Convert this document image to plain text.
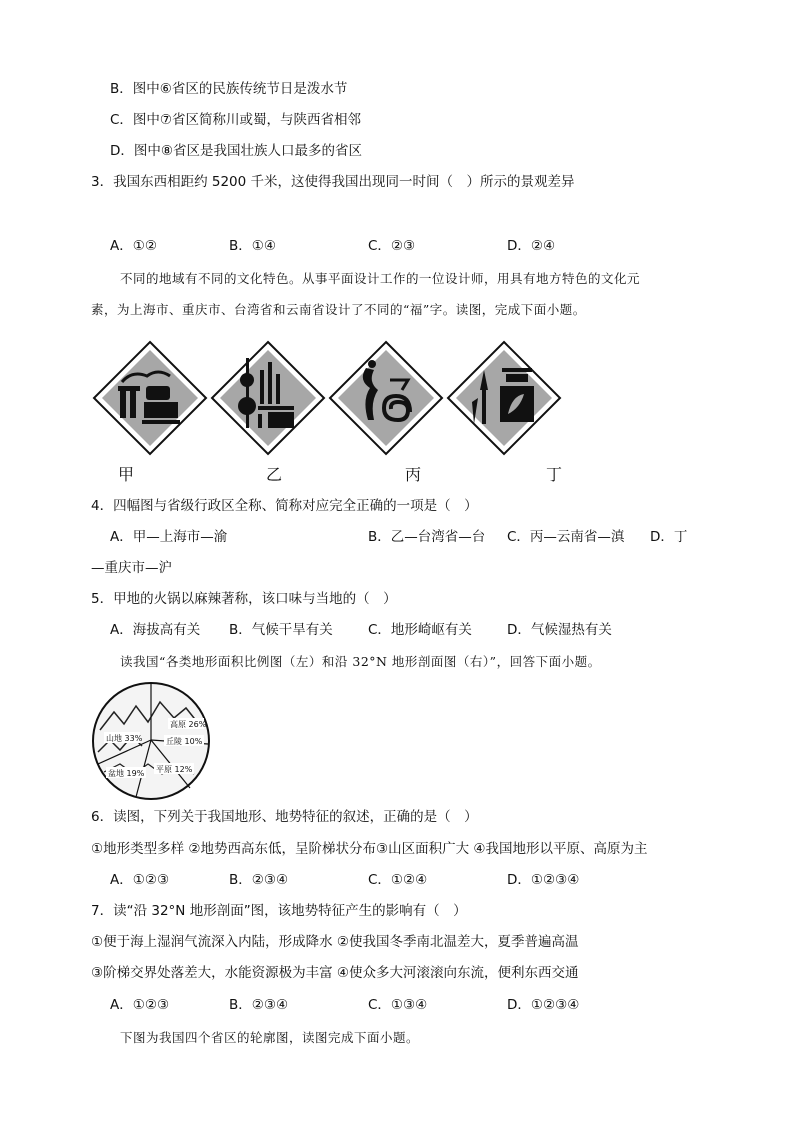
B．图中⑥省区的民族传统节日是泼水节
C．图中⑦省区简称川或蜀，与陕西省相邻
D．图中⑧省区是我国壮族人口最多的省区
3．我国东西相距约 5200 千米，这使得我国出现同一时间（　）所示的景观差异
A．①②	B．①④	C．②③	D．②④
不同的地域有不同的文化特色。从事平面设计工作的一位设计师，用具有地方特色的文化元
素，为上海市、重庆市、台湾省和云南省设计了不同的“福”字。读图，完成下面小题。
甲	乙	丙	丁
4．四幅图与省级行政区全称、简称对应完全正确的一项是（　）
A．甲—上海市—渝	B．乙—台湾省—台 C．丙—云南省—滇 D．丁
—重庆市—沪
5．甲地的火锅以麻辣著称，该口味与当地的（　）
A．海拔高有关 B．气候干旱有关	C．地形崎岖有关	D．气候湿热有关
读我国“各类地形面积比例图（左）和沿 32°N 地形剖面图（右）”，回答下面小题。
高原 26%
丘陵 10%
山地 33%
平原 12%
盆地 19%
6．读图，下列关于我国地形、地势特征的叙述，正确的是（　）
①地形类型多样 ②地势西高东低，呈阶梯状分布③山区面积广大 ④我国地形以平原、高原为主
A．①②③	B．②③④	C．①②④	D．①②③④
7．读“沿 32°N 地形剖面”图，该地势特征产生的影响有（　）
①便于海上湿润气流深入内陆，形成降水 ②使我国冬季南北温差大，夏季普遍高温
③阶梯交界处落差大，水能资源极为丰富 ④使众多大河滚滚向东流，便利东西交通
A．①②③	B．②③④	C．①③④	D．①②③④
下图为我国四个省区的轮廓图，读图完成下面小题。
